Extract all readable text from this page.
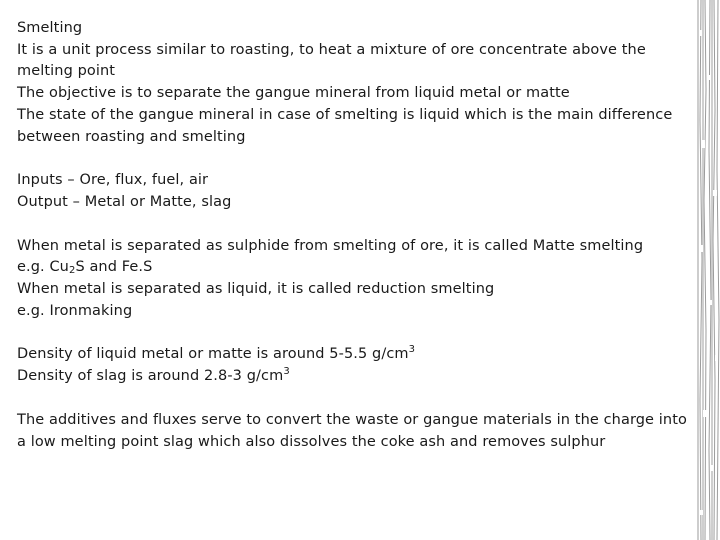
Smelting

It is a unit process similar to roasting, to heat a mixture of ore concentrate above the melting point

The objective is to separate the gangue mineral from liquid metal or matte

The state of the gangue mineral in case of smelting is liquid which is the main difference between roasting and smelting

Inputs – Ore, flux, fuel, air

Output – Metal or Matte, slag

When metal is separated as sulphide from smelting of ore, it is called Matte smelting

e.g. $Cu_2S$ and Fe.S

When metal is separated as liquid, it is called reduction smelting

e.g. Ironmaking

Density of liquid metal or matte is around 5-5.5 $g/cm^3$

Density of slag is around 2.8-3 $g/cm^3$

The additives and fluxes serve to convert the waste or gangue materials in the charge into a low melting point slag which also dissolves the coke ash and removes sulphur
